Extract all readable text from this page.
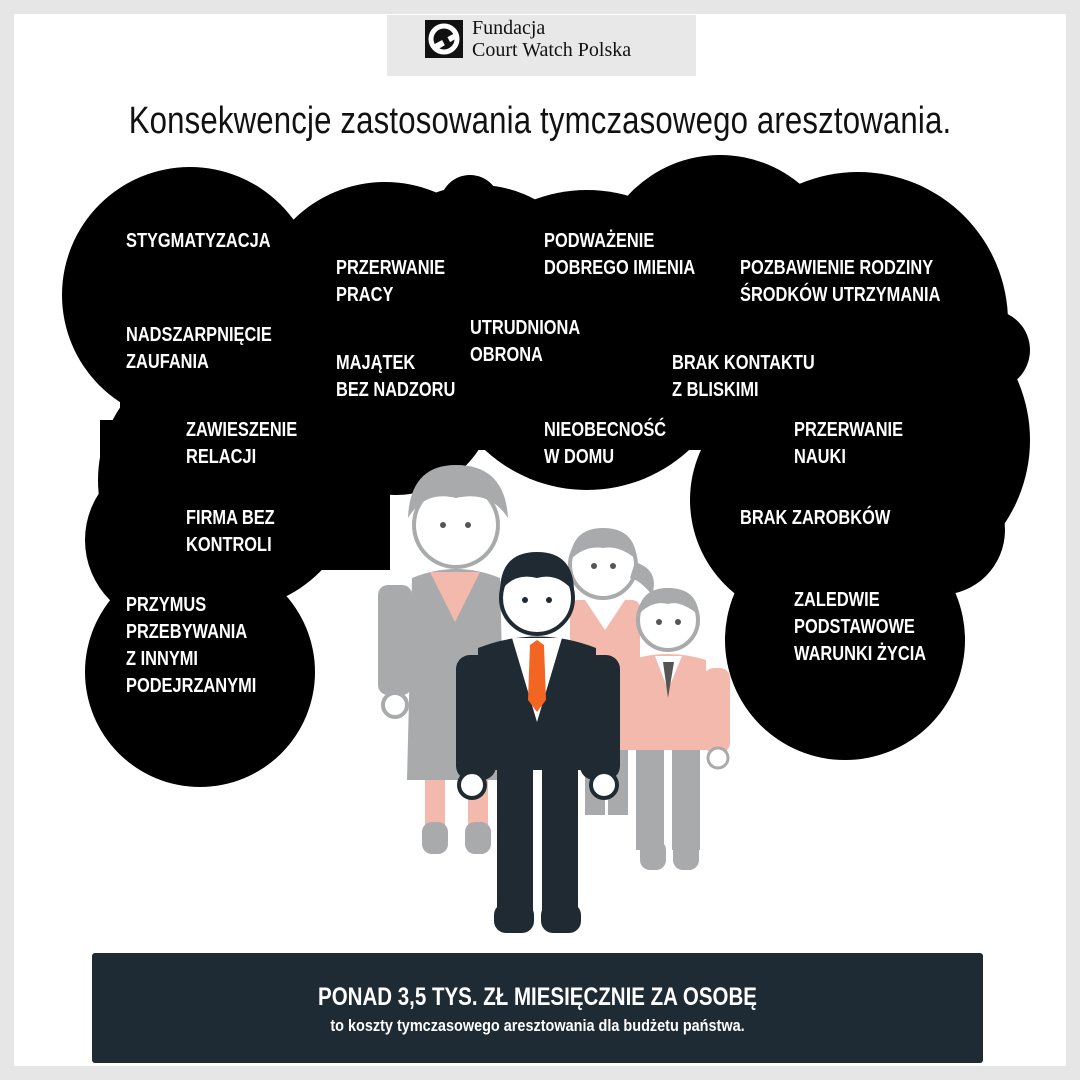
Fundacja
Court Watch Polska
Konsekwencje zastosowania tymczasowego aresztowania.
STYGMATYZACJA
PRZERWANIE
PRACY
PODWAŻENIE
DOBREGO IMIENIA POZBAWIENIE RODZINY
ŚRODKÓW UTRZYMANIA
NADSZARPNIĘCIE
ZAUFANIA
UTRUDNIONA
OBRONA
MAJĄTEK
BEZ NADZORU
BRAK KONTAKTU
Z BLISKIMI
ZAWIESZENIE
RELACJI
NIEOBECNOŚĆ
W DOMU
PRZERWANIE
NAUKI
FIRMA BEZ
KONTROLI
BRAK ZAROBKÓW
PRZYMUS
PRZEBYWANIA
Z INNYMI
PODEJRZANYMI
ZALEDWIE
PODSTAWOWE
WARUNKI ŻYCIA
PONAD 3,5 TYS. ZŁ MIESIĘCZNIE ZA OSOBĘ
to koszty tymczasowego aresztowania dla budżetu państwa.
